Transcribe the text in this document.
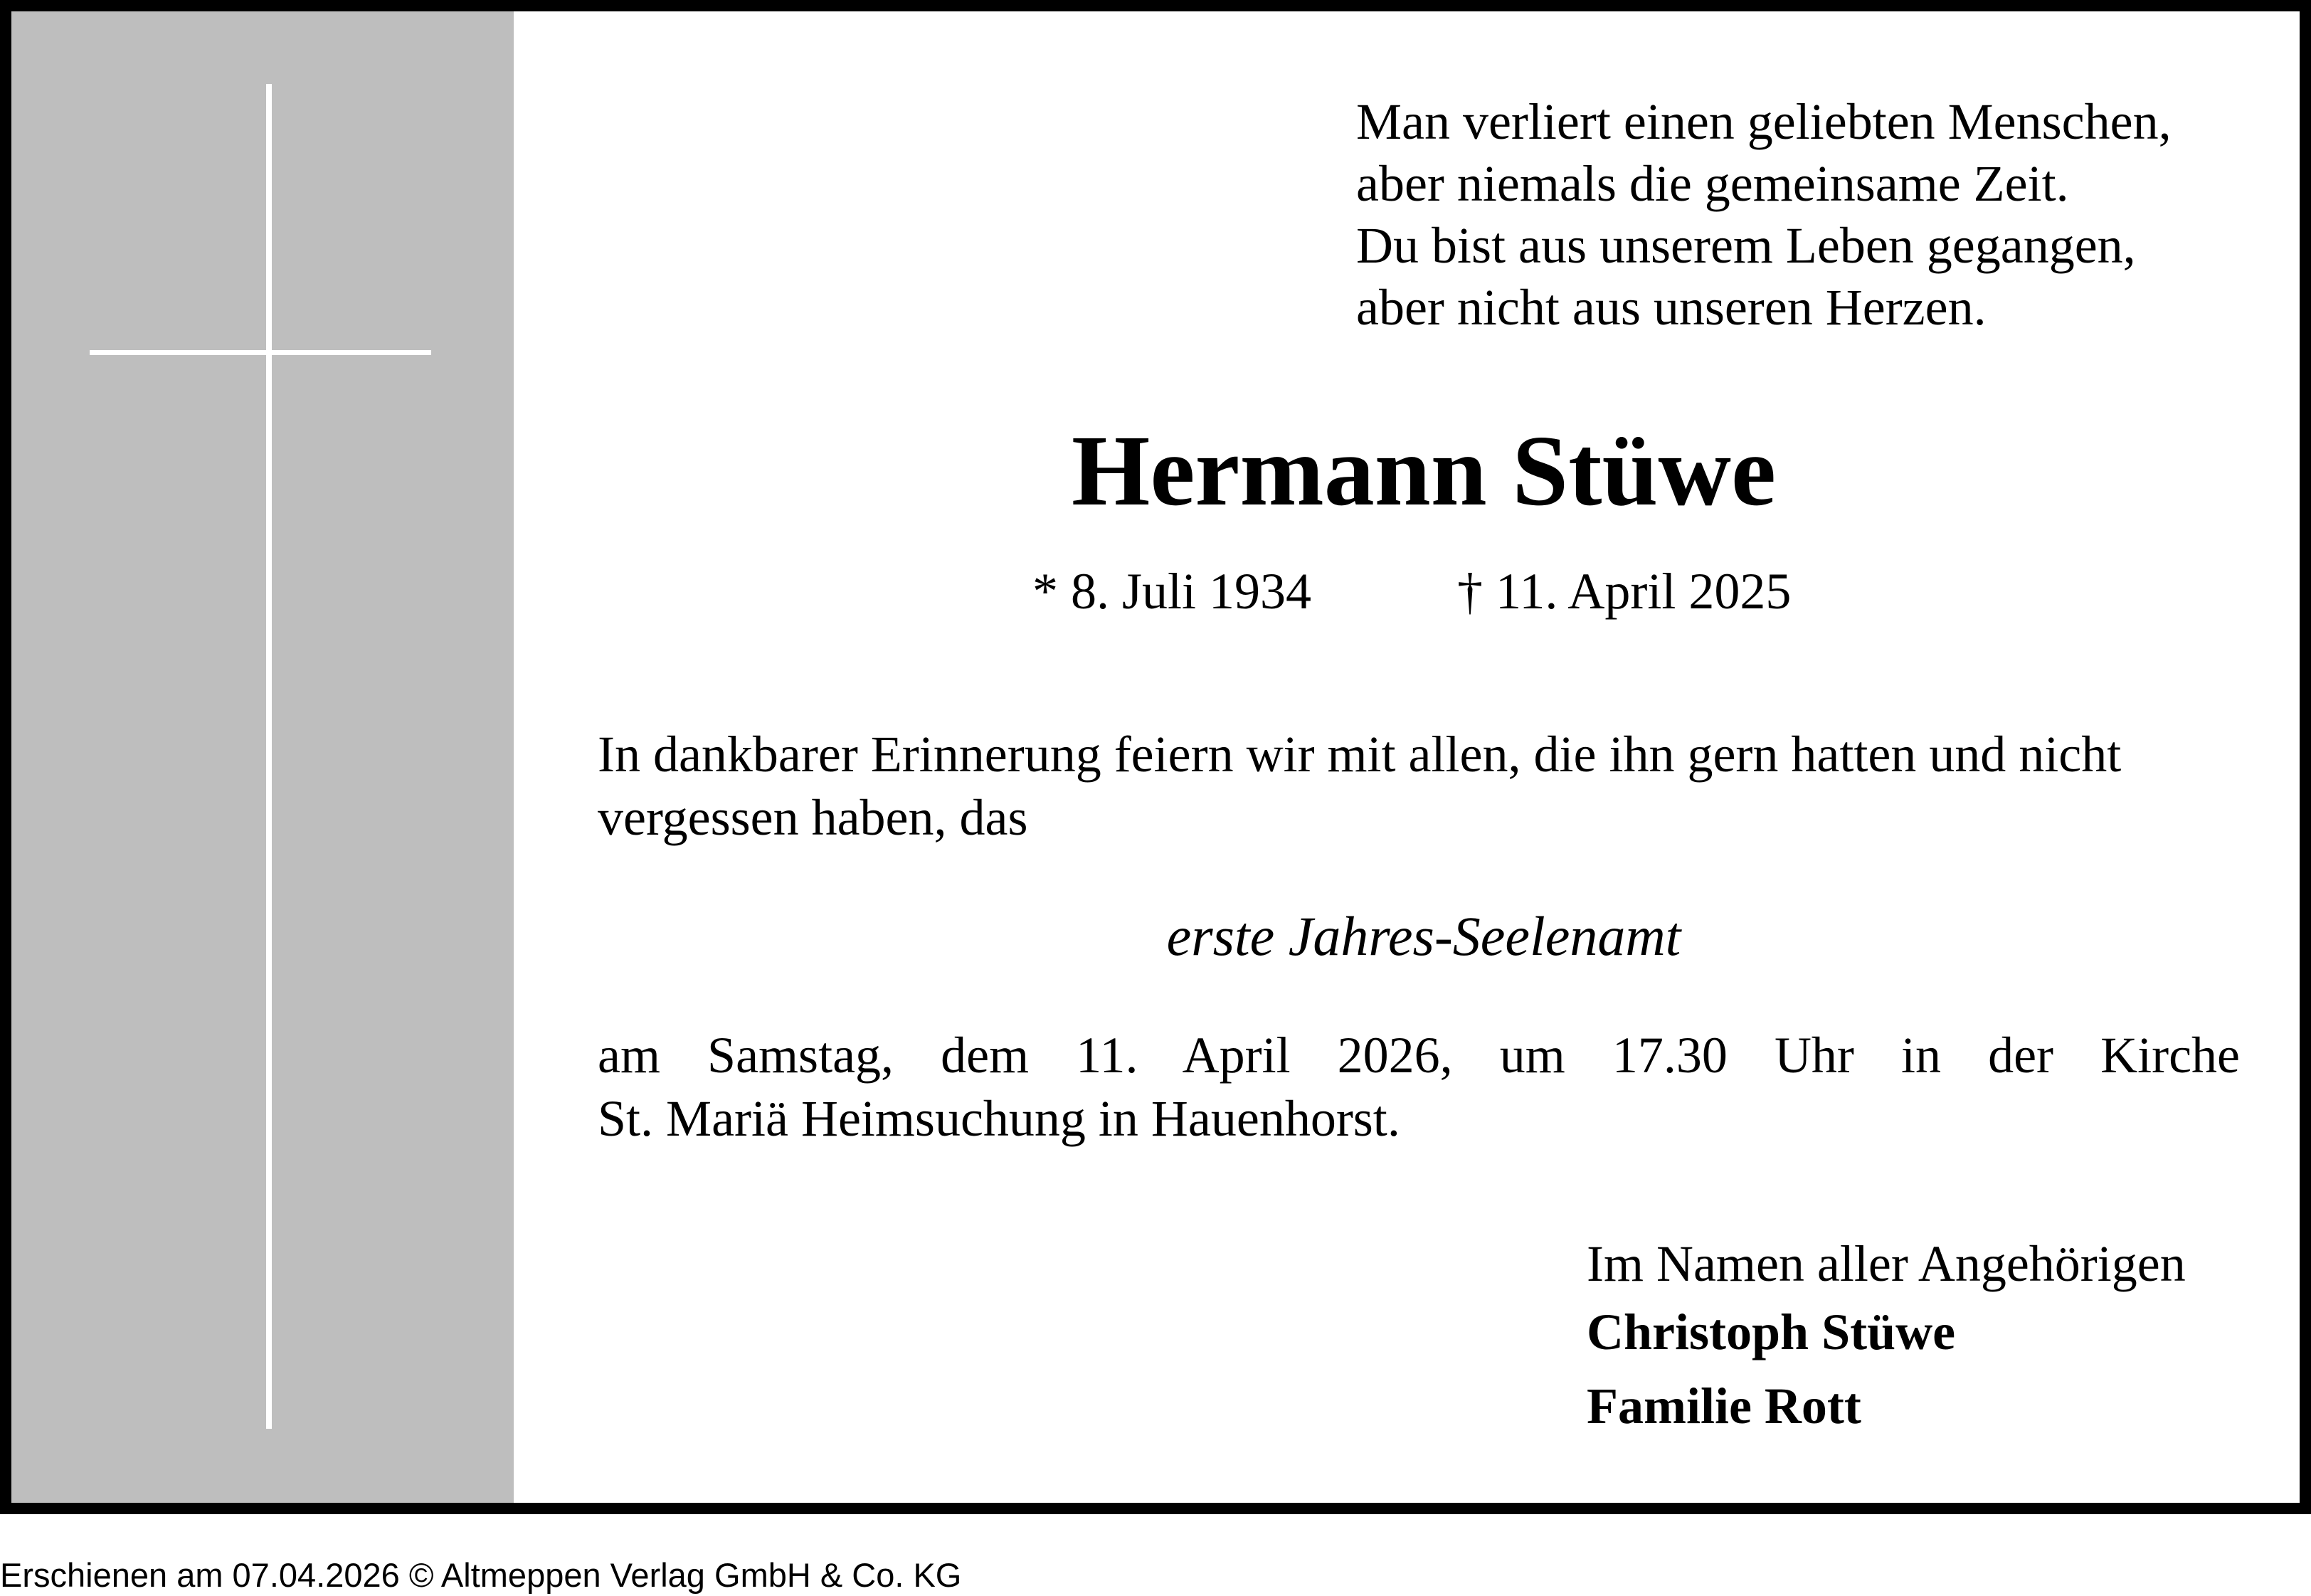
Man verliert einen geliebten Menschen,
aber niemals die gemeinsame Zeit.
Du bist aus unserem Leben gegangen,
aber nicht aus unseren Herzen.
Hermann Stüwe
* 8. Juli 1934	† 11. April 2025
In dankbarer Erinnerung feiern wir mit allen, die ihn gern hatten und nicht
vergessen haben, das
erste Jahres-Seelenamt
am Samstag, dem 11. April 2026, um 17.30 Uhr in der Kirche
St. Mariä Heimsuchung in Hauenhorst.
Im Namen aller Angehörigen
Christoph Stüwe
Familie Rott
Erschienen am 07.04.2026 © Altmeppen Verlag GmbH & Co. KG
